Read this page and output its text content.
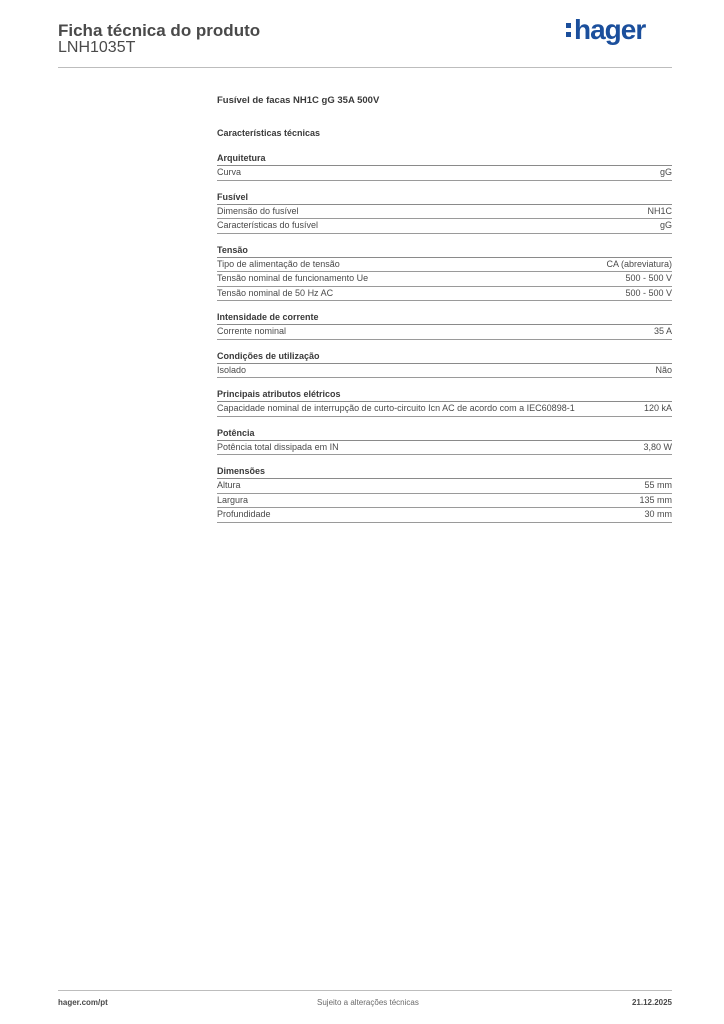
Ficha técnica do produto
LNH1035T
hager
Fusível de facas NH1C gG 35A 500V
Características técnicas
Arquitetura
Curva	gG
Fusível
Dimensão do fusível	NH1C
Características do fusível	gG
Tensão
Tipo de alimentação de tensão	CA (abreviatura)
Tensão nominal de funcionamento Ue	500 - 500 V
Tensão nominal de 50 Hz AC	500 - 500 V
Intensidade de corrente
Corrente nominal	35 A
Condições de utilização
Isolado	Não
Principais atributos elétricos
Capacidade nominal de interrupção de curto-circuito Icn AC de acordo com a IEC60898-1	120 kA
Potência
Potência total dissipada em IN	3,80 W
Dimensões
Altura	55 mm
Largura	135 mm
Profundidade	30 mm
hager.com/pt	Sujeito a alterações técnicas	21.12.2025
